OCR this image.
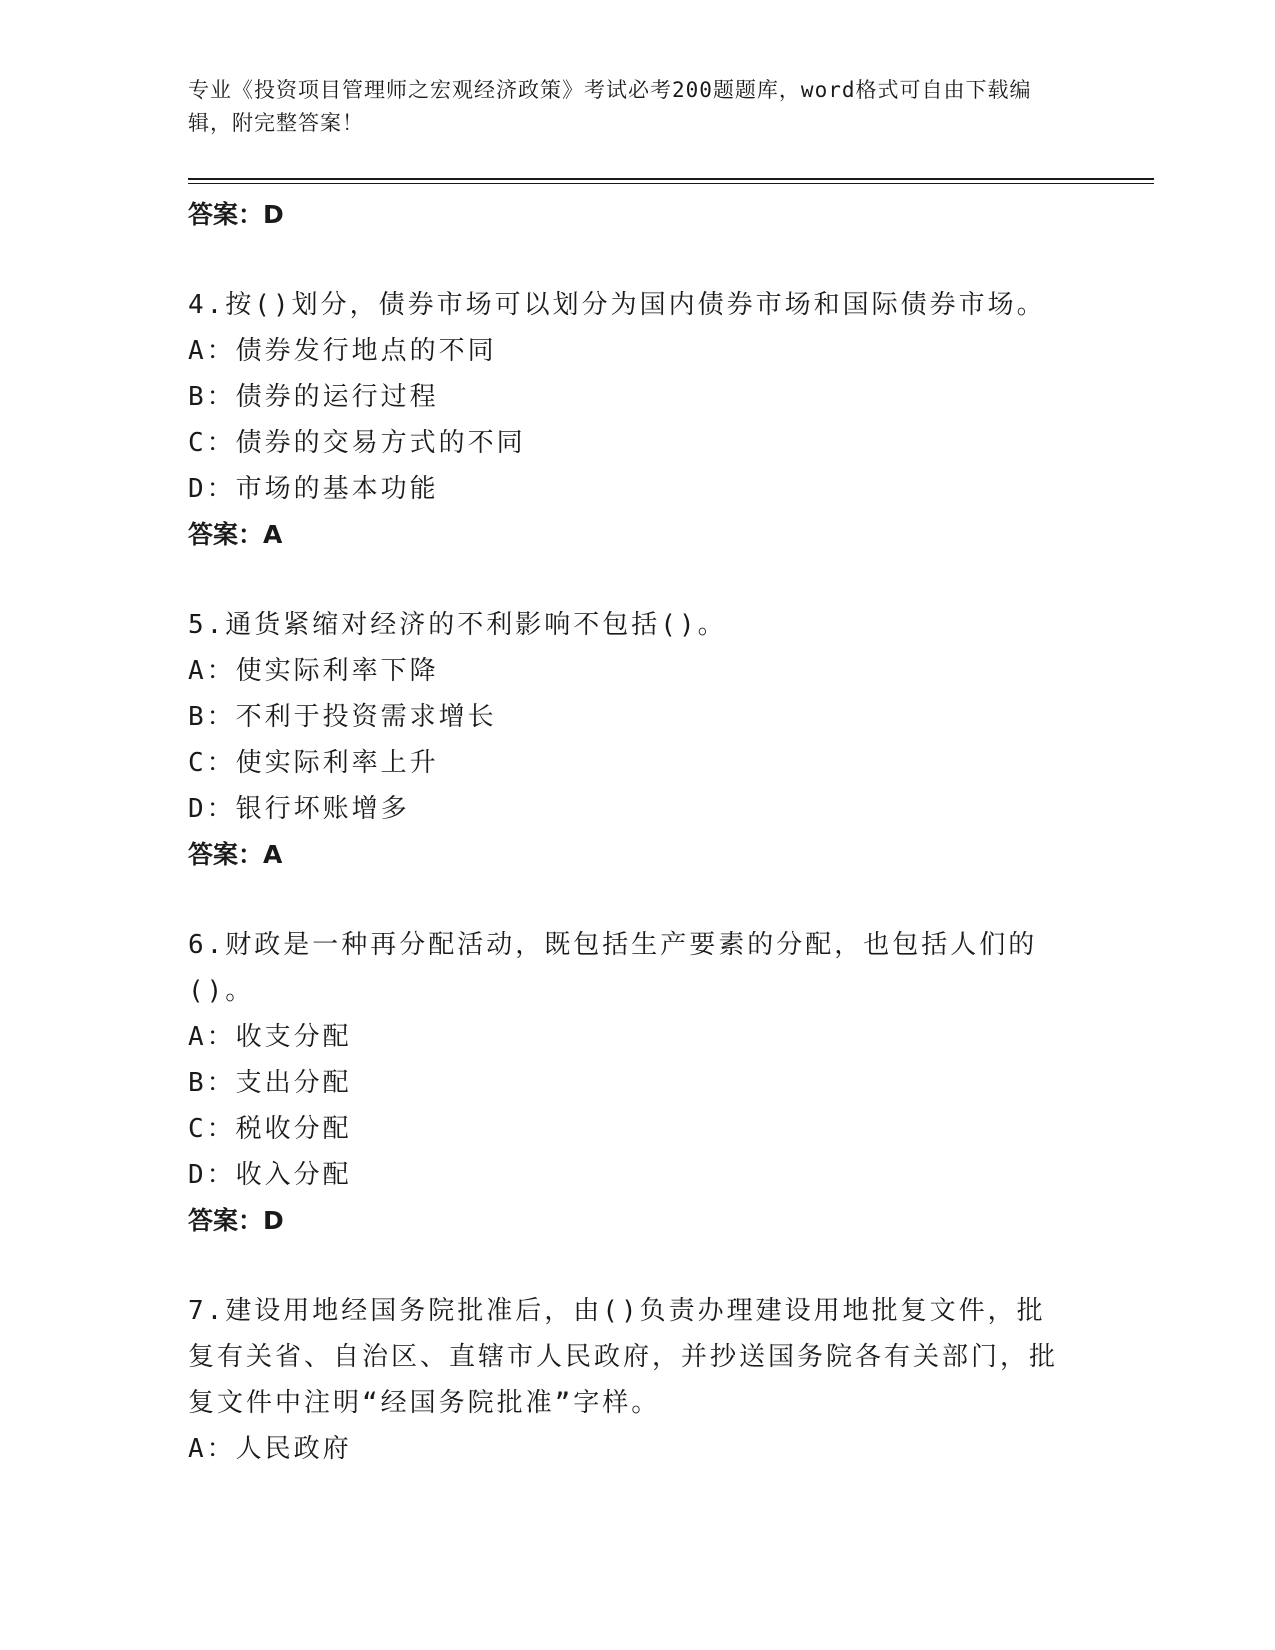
专业《投资项目管理师之宏观经济政策》考试必考200题题库，word格式可自由下载编辑，附完整答案！
答案：D
4.按()划分，债券市场可以划分为国内债券市场和国际债券市场。
A：债券发行地点的不同
B：债券的运行过程
C：债券的交易方式的不同
D：市场的基本功能
答案：A
5.通货紧缩对经济的不利影响不包括()。
A：使实际利率下降
B：不利于投资需求增长
C：使实际利率上升
D：银行坏账增多
答案：A
6.财政是一种再分配活动，既包括生产要素的分配，也包括人们的()。
A：收支分配
B：支出分配
C：税收分配
D：收入分配
答案：D
7.建设用地经国务院批准后，由()负责办理建设用地批复文件，批复有关省、自治区、直辖市人民政府，并抄送国务院各有关部门，批复文件中注明“经国务院批准”字样。
A：人民政府
